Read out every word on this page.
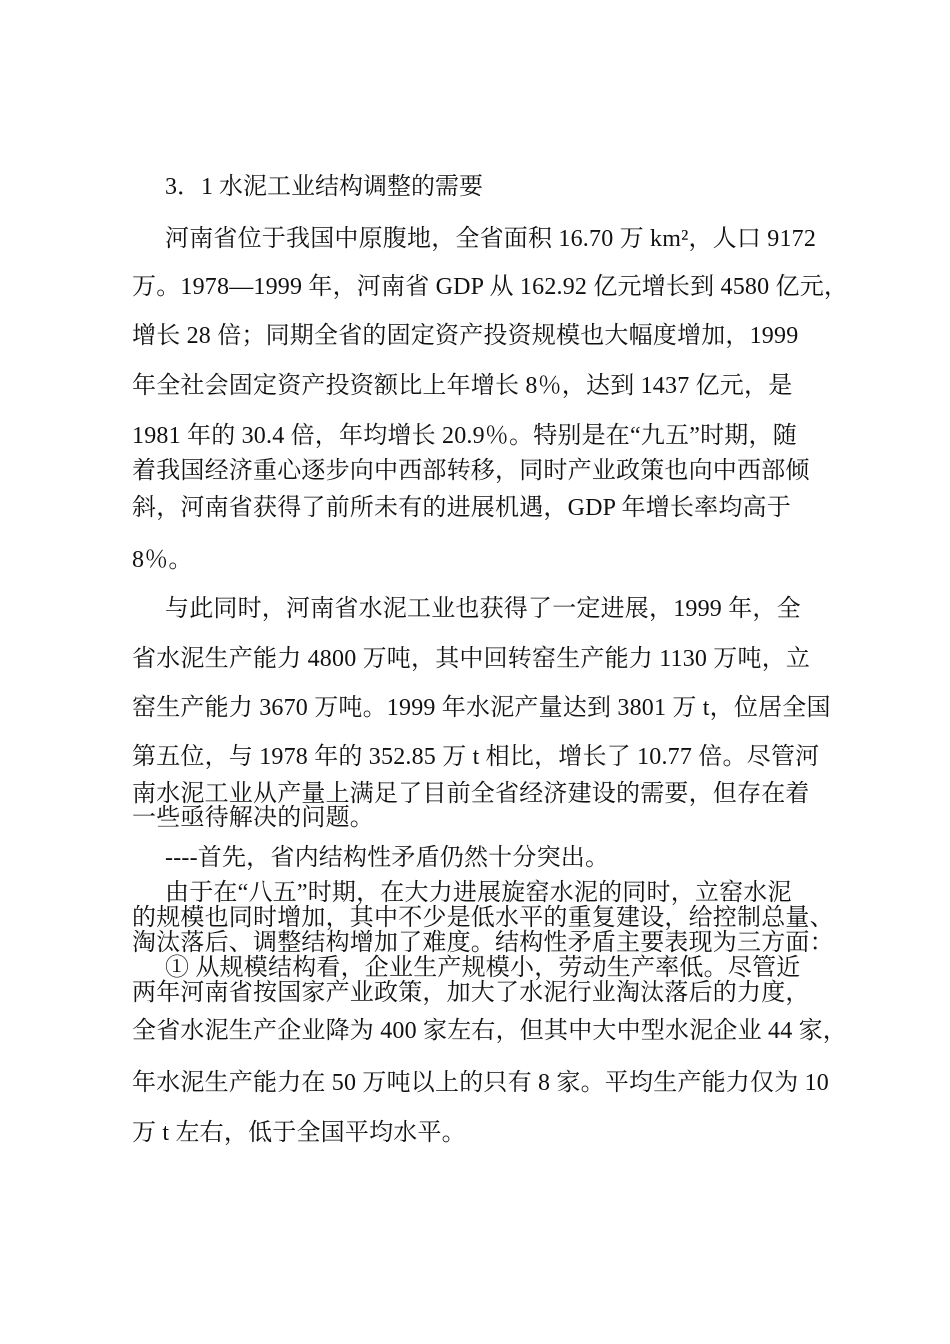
3．1 水泥工业结构调整的需要
河南省位于我国中原腹地，全省面积 16.70 万 km²，人口 9172
万。1978—1999 年，河南省 GDP 从 162.92 亿元增长到 4580 亿元，
增长 28 倍；同期全省的固定资产投资规模也大幅度增加，1999
年全社会固定资产投资额比上年增长 8％，达到 1437 亿元，是
1981 年的 30.4 倍，年均增长 20.9％。特别是在“九五”时期，随
着我国经济重心逐步向中西部转移，同时产业政策也向中西部倾
斜，河南省获得了前所未有的进展机遇，GDP 年增长率均高于
8％。
与此同时，河南省水泥工业也获得了一定进展，1999 年，全
省水泥生产能力 4800 万吨，其中回转窑生产能力 1130 万吨，立
窑生产能力 3670 万吨。1999 年水泥产量达到 3801 万 t，位居全国
第五位，与 1978 年的 352.85 万 t 相比，增长了 10.77 倍。尽管河
南水泥工业从产量上满足了目前全省经济建设的需要，但存在着
一些亟待解决的问题。
----首先，省内结构性矛盾仍然十分突出。
由于在“八五”时期，在大力进展旋窑水泥的同时，立窑水泥
的规模也同时增加，其中不少是低水平的重复建设，给控制总量、
淘汰落后、调整结构增加了难度。结构性矛盾主要表现为三方面：
① 从规模结构看，企业生产规模小，劳动生产率低。尽管近
两年河南省按国家产业政策，加大了水泥行业淘汰落后的力度，
全省水泥生产企业降为 400 家左右，但其中大中型水泥企业 44 家，
年水泥生产能力在 50 万吨以上的只有 8 家。平均生产能力仅为 10
万 t 左右，低于全国平均水平。
